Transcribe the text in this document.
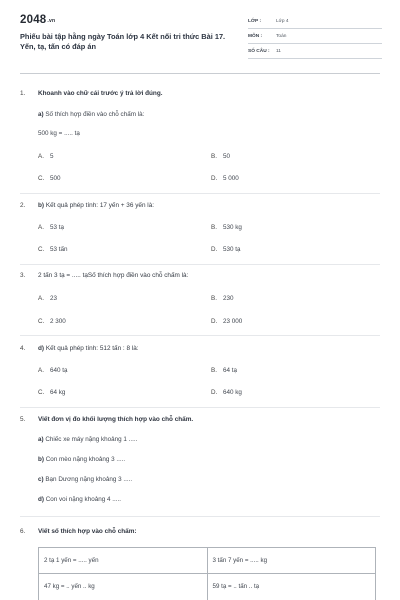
2048.vn
Phiếu bài tập hằng ngày Toán lớp 4 Kết nối tri thức Bài 17. Yến, tạ, tấn có đáp án
LỚP :	Lớp 4
MÔN :	Toán
SỐ CÂU : 11
1. Khoanh vào chữ cái trước ý trả lời đúng.
a) Số thích hợp điền vào chỗ chấm là:
500 kg = ..... tạ
A. 5	B. 50
C. 500	D. 5 000
2. b) Kết quả phép tính: 17 yến + 36 yến là:
A. 53 tạ	B. 530 kg
C. 53 tấn	D. 530 tạ
3. 2 tấn 3 tạ = ..... tạSố thích hợp điền vào chỗ chấm là:
A. 23	B. 230
C. 2 300	D. 23 000
4. d) Kết quả phép tính: 512 tấn : 8 là:
A. 640 tạ	B. 64 tạ
C. 64 kg	D. 640 kg
5. Viết đơn vị đo khối lượng thích hợp vào chỗ chấm.
a) Chiếc xe máy nặng khoảng 1 .....
b) Con mèo nặng khoảng 3 .....
c) Bạn Dương nặng khoảng 3 .....
d) Con voi nặng khoảng 4 .....
6. Viết số thích hợp vào chỗ chấm:
2 tạ 1 yến = ..... yến	3 tấn 7 yến = ..... kg
47 kg = .. yến .. kg	59 tạ = .. tấn .. tạ
